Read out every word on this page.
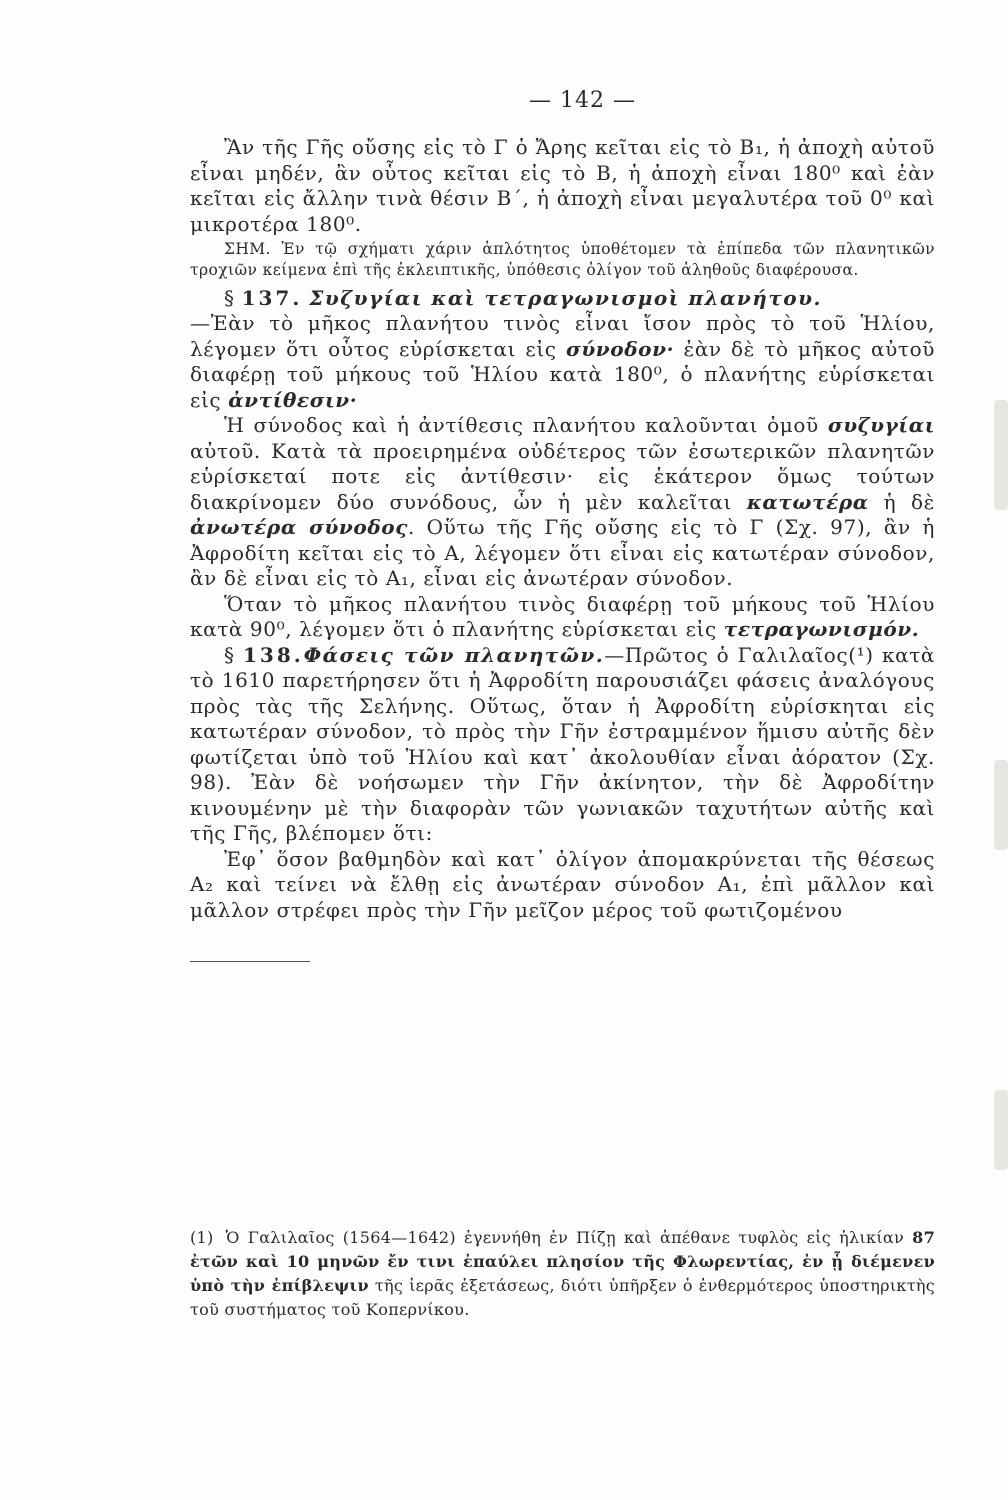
— 142 —

Ἂν τῆς Γῆς οὔσης εἰς τὸ Γ ὁ Ἄρης κεῖται εἰς τὸ Β₁, ἡ ἀποχὴ αὐτοῦ εἶναι μηδέν, ἂν οὗτος κεῖται εἰς τὸ Β, ἡ ἀποχὴ εἶναι 180⁰ καὶ ἐὰν κεῖται εἰς ἄλλην τινὰ θέσιν Β΄, ἡ ἀποχὴ εἶναι μεγαλυτέρα τοῦ 0⁰ καὶ μικροτέρα 180⁰.

ΣΗΜ. Ἐν τῷ σχήματι χάριν ἁπλότητος ὑποθέτομεν τὰ ἐπίπεδα τῶν πλανητικῶν τροχιῶν κείμενα ἐπὶ τῆς ἐκλειπτικῆς, ὑπόθεσις ὀλίγον τοῦ ἀληθοῦς διαφέρουσα.

§ 137. Συζυγίαι καὶ τετραγωνισμοὶ πλανήτου.

—Ἐὰν τὸ μῆκος πλανήτου τινὸς εἶναι ἴσον πρὸς τὸ τοῦ Ἡλίου, λέγομεν ὅτι οὗτος εὑρίσκεται εἰς σύνοδον· ἐὰν δὲ τὸ μῆκος αὐτοῦ διαφέρῃ τοῦ μήκους τοῦ Ἡλίου κατὰ 180⁰, ὁ πλανήτης εὑρίσκεται εἰς ἀντίθεσιν·

Ἡ σύνοδος καὶ ἡ ἀντίθεσις πλανήτου καλοῦνται ὁμοῦ συζυγίαι αὐτοῦ. Κατὰ τὰ προειρημένα οὐδέτερος τῶν ἐσωτερικῶν πλανητῶν εὑρίσκεταί ποτε εἰς ἀντίθεσιν· εἰς ἑκάτερον ὅμως τούτων διακρίνομεν δύο συνόδους, ὧν ἡ μὲν καλεῖται κατωτέρα ἡ δὲ ἀνωτέρα σύνοδος. Οὕτω τῆς Γῆς οὔσης εἰς τὸ Γ (Σχ. 97), ἂν ἡ Ἀφροδίτη κεῖται εἰς τὸ Α, λέγομεν ὅτι εἶναι εἰς κατωτέραν σύνοδον, ἂν δὲ εἶναι εἰς τὸ Α₁, εἶναι εἰς ἀνωτέραν σύνοδον.

Ὅταν τὸ μῆκος πλανήτου τινὸς διαφέρῃ τοῦ μήκους τοῦ Ἡλίου κατὰ 90⁰, λέγομεν ὅτι ὁ πλανήτης εὑρίσκεται εἰς τετραγωνισμόν.

§ 138.Φάσεις τῶν πλανητῶν.—Πρῶτος ὁ Γαλιλαῖος(¹) κατὰ τὸ 1610 παρετήρησεν ὅτι ἡ Ἀφροδίτη παρουσιάζει φάσεις ἀναλόγους πρὸς τὰς τῆς Σελήνης. Οὕτως, ὅταν ἡ Ἀφροδίτη εὑρίσκηται εἰς κατωτέραν σύνοδον, τὸ πρὸς τὴν Γῆν ἐστραμμένον ἥμισυ αὐτῆς δὲν φωτίζεται ὑπὸ τοῦ Ἡλίου καὶ κατ᾿ ἀκολουθίαν εἶναι ἀόρατον (Σχ. 98). Ἐὰν δὲ νοήσωμεν τὴν Γῆν ἀκίνητον, τὴν δὲ Ἀφροδίτην κινουμένην μὲ τὴν διαφορὰν τῶν γωνιακῶν ταχυτήτων αὐτῆς καὶ τῆς Γῆς, βλέπομεν ὅτι:

Ἐφ᾿ ὅσον βαθμηδὸν καὶ κατ᾿ ὀλίγον ἀπομακρύνεται τῆς θέσεως Α₂ καὶ τείνει νὰ ἔλθῃ εἰς ἀνωτέραν σύνοδον Α₁, ἐπὶ μᾶλλον καὶ μᾶλλον στρέφει πρὸς τὴν Γῆν μεῖζον μέρος τοῦ φωτιζομένου

(1) Ὁ Γαλιλαῖος (1564—1642) ἐγεννήθη ἐν Πίζῃ καὶ ἀπέθανε τυφλὸς εἰς ἡλικίαν 87 ἐτῶν καὶ 10 μηνῶν ἔν τινι ἐπαύλει πλησίον τῆς Φλωρεντίας, ἐν ᾗ διέμενεν ὑπὸ τὴν ἐπίβλεψιν τῆς ἱερᾶς ἐξετάσεως, διότι ὑπῆρξεν ὁ ἐνθερμότερος ὑποστηρικτὴς τοῦ συστήματος τοῦ Κοπερνίκου.
